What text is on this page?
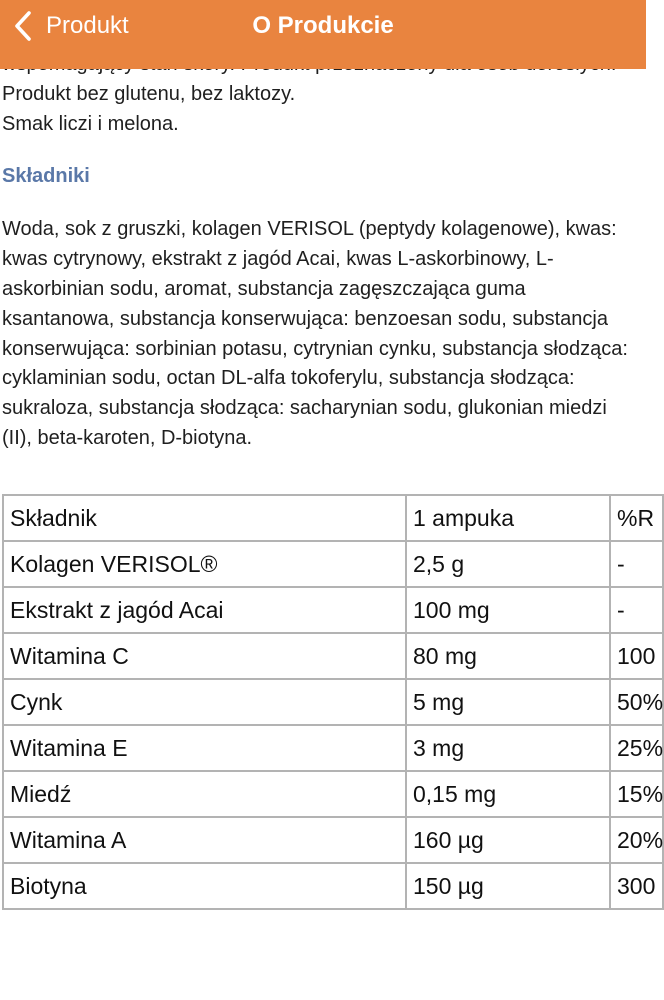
Produkt bez glutenu, bez laktozy.

Smak liczi i melona.

Składniki
Woda, sok z gruszki, kolagen VERISOL (peptydy kolagenowe), kwas: kwas cytrynowy, ekstrakt z jagód Acai, kwas L-askorbinowy, L-askorbinian sodu, aromat, substancja zagęszczająca guma ksantanowa, substancja konserwująca: benzoesan sodu, substancja konserwująca: sorbinian potasu, cytrynian cynku, substancja słodząca: cyklaminian sodu, octan DL-alfa tokoferylu, substancja słodząca: sukraloza, substancja słodząca: sacharynian sodu, glukonian miedzi (II), beta-karoten, D-biotyna.
Składnik	1 ampuka	%R
Kolagen VERISOL®	2,5 g	-
Ekstrakt z jagód Acai	100 mg	-
Witamina C	80 mg	100
Cynk	5 mg	50%
Witamina E	3 mg	25%
Miedź	0,15 mg	15%
Witamina A	160 µg	20%
Biotyna	150 µg	300
O Produkcie
Produkt
